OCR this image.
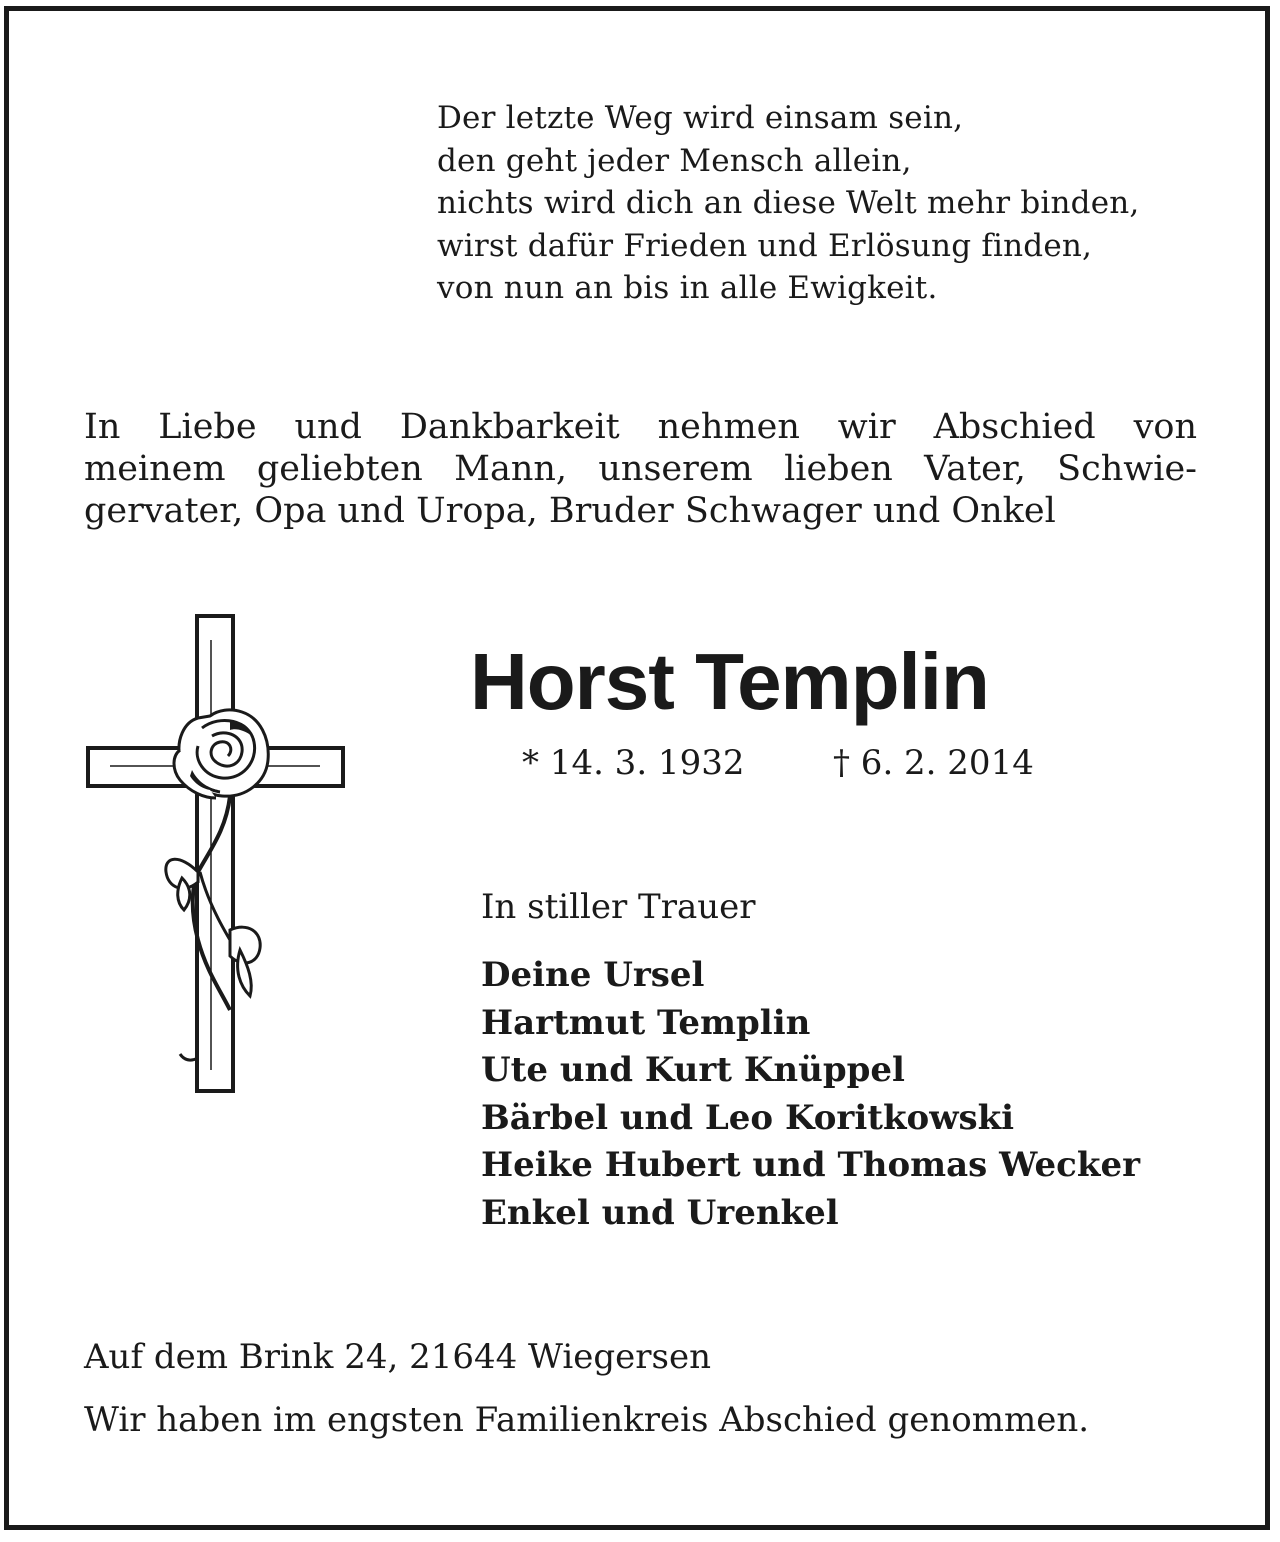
Der letzte Weg wird einsam sein,
den geht jeder Mensch allein,
nichts wird dich an diese Welt mehr binden,
wirst dafür Frieden und Erlösung finden,
von nun an bis in alle Ewigkeit.
In Liebe und Dankbarkeit nehmen wir Abschied von
meinem geliebten Mann, unserem lieben Vater, Schwie-
gervater, Opa und Uropa, Bruder Schwager und Onkel
Horst Templin
* 14. 3. 1932	† 6. 2. 2014
In stiller Trauer
Deine Ursel
Hartmut Templin
Ute und Kurt Knüppel
Bärbel und Leo Koritkowski
Heike Hubert und Thomas Wecker
Enkel und Urenkel
Auf dem Brink 24, 21644 Wiegersen
Wir haben im engsten Familienkreis Abschied genommen.
